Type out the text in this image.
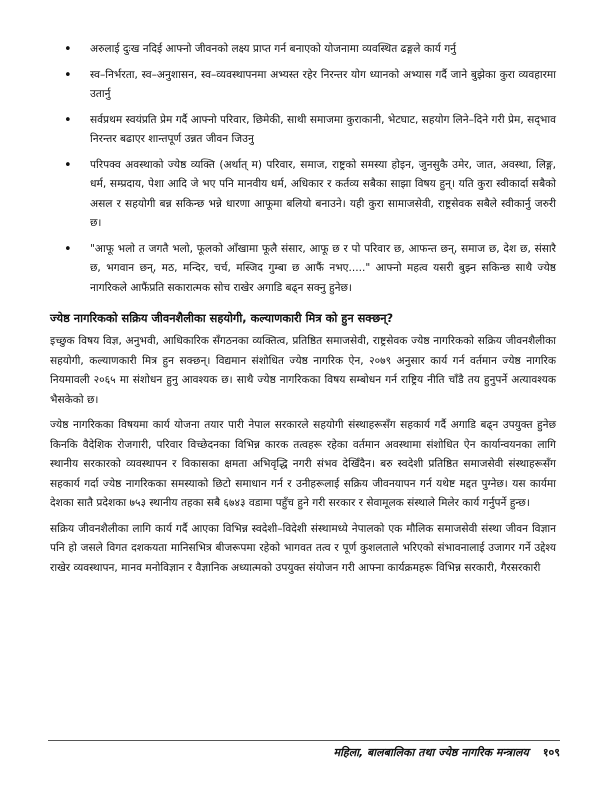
• अरुलाई दुःख नदिई आफ्नो जीवनको लक्ष्य प्राप्त गर्न बनाएको योजनामा व्यवस्थित ढङ्गले कार्य गर्नु
• स्व–निर्भरता, स्व–अनुशासन, स्व–व्यवस्थापनमा अभ्यस्त रहेर निरन्तर योग ध्यानको अभ्यास गर्दै जाने बुझेका कुरा व्यवहारमा उतार्नु
• सर्वप्रथम स्वयंप्रति प्रेम गर्दै आफ्नो परिवार, छिमेकी, साथी समाजमा कुराकानी, भेटघाट, सहयोग लिने–दिने गरी प्रेम, सद्‌भाव निरन्तर बढाएर शान्तपूर्ण उन्नत जीवन जिउनु
• परिपक्व अवस्थाको ज्येष्ठ व्यक्ति (अर्थात् म) परिवार, समाज, राष्ट्रको समस्या होइन, जुनसुकै उमेर, जात, अवस्था, लिङ्ग, धर्म, सम्प्रदाय, पेशा आदि जे भए पनि मानवीय धर्म, अधिकार र कर्तव्य सबैका साझा विषय हुन्। यति कुरा स्वीकार्दा सबैको असल र सहयोगी बन्न सकिन्छ भन्ने धारणा आफूमा बलियो बनाउने। यही कुरा सामाजसेवी, राष्ट्रसेवक सबैले स्वीकार्नु जरुरी छ।
• "आफू भलो त जगतै भलो, फूलको आँखामा फूलै संसार, आफू छ र पो परिवार छ, आफन्त छन्, समाज छ, देश छ, संसारै छ, भगवान छन्, मठ, मन्दिर, चर्च, मस्जिद गुम्बा छ आफैं नभए....." आफ्नो महत्व यसरी बुझ्न सकिन्छ साथै ज्येष्ठ नागरिकले आफैंप्रति सकारात्मक सोच राखेर अगाडि बढ्न सक्नु हुनेछ।
ज्येष्ठ नागरिकको सक्रिय जीवनशैलीका सहयोगी, कल्याणकारी मित्र को हुन सक्छन्?

इच्छुक विषय विज्ञ, अनुभवी, आधिकारिक सँगठनका व्यक्तित्व, प्रतिष्ठित समाजसेवी, राष्ट्रसेवक ज्येष्ठ नागरिकको सक्रिय जीवनशैलीका सहयोगी, कल्याणकारी मित्र हुन सक्छन्। विद्यमान संशोधित ज्येष्ठ नागरिक ऐन, २०७९ अनुसार कार्य गर्न वर्तमान ज्येष्ठ नागरिक नियमावली २०६५ मा संशोधन हुनु आवश्यक छ। साथै ज्येष्ठ नागरिकका विषय सम्बोधन गर्न राष्ट्रिय नीति चाँडै तय हुनुपर्ने अत्यावश्यक भैसकेको छ।

ज्येष्ठ नागरिकका विषयमा कार्य योजना तयार पारी नेपाल सरकारले सहयोगी संस्थाहरूसँग सहकार्य गर्दै अगाडि बढ्न उपयुक्त हुनेछ किनकि वैदेशिक रोजगारी, परिवार विच्छेदनका विभिन्न कारक तत्वहरू रहेका वर्तमान अवस्थामा संशोधित ऐन कार्यान्वयनका लागि स्थानीय सरकारको व्यवस्थापन र विकासका क्षमता अभिवृद्धि नगरी संभव देखिँदैन। बरु स्वदेशी प्रतिष्ठित समाजसेवी संस्थाहरूसँग सहकार्य गर्दा ज्येष्ठ नागरिकका समस्याको छिटो समाधान गर्न र उनीहरूलाई सक्रिय जीवनयापन गर्न यथेष्ट मद्दत पुग्नेछ। यस कार्यमा देशका सातै प्रदेशका ७५३ स्थानीय तहका सबै ६७४३ वडामा पहुँच हुने गरी सरकार र सेवामूलक संस्थाले मिलेर कार्य गर्नुपर्ने हुन्छ।

सक्रिय जीवनशैलीका लागि कार्य गर्दै आएका विभिन्न स्वदेशी–विदेशी संस्थामध्ये नेपालको एक मौलिक समाजसेवी संस्था जीवन विज्ञान पनि हो जसले विगत दशकयता मानिसभित्र बीजरूपमा रहेको भागवत तत्व र पूर्ण कुशलताले भरिएको संभावनालाई उजागर गर्ने उद्देश्य राखेर व्यवस्थापन, मानव मनोविज्ञान र वैज्ञानिक अध्यात्मको उपयुक्त संयोजन गरी आफ्ना कार्यक्रमहरू विभिन्न सरकारी, गैरसरकारी

महिला, बालबालिका तथा ज्येष्ठ नागरिक मन्त्रालय १०९
